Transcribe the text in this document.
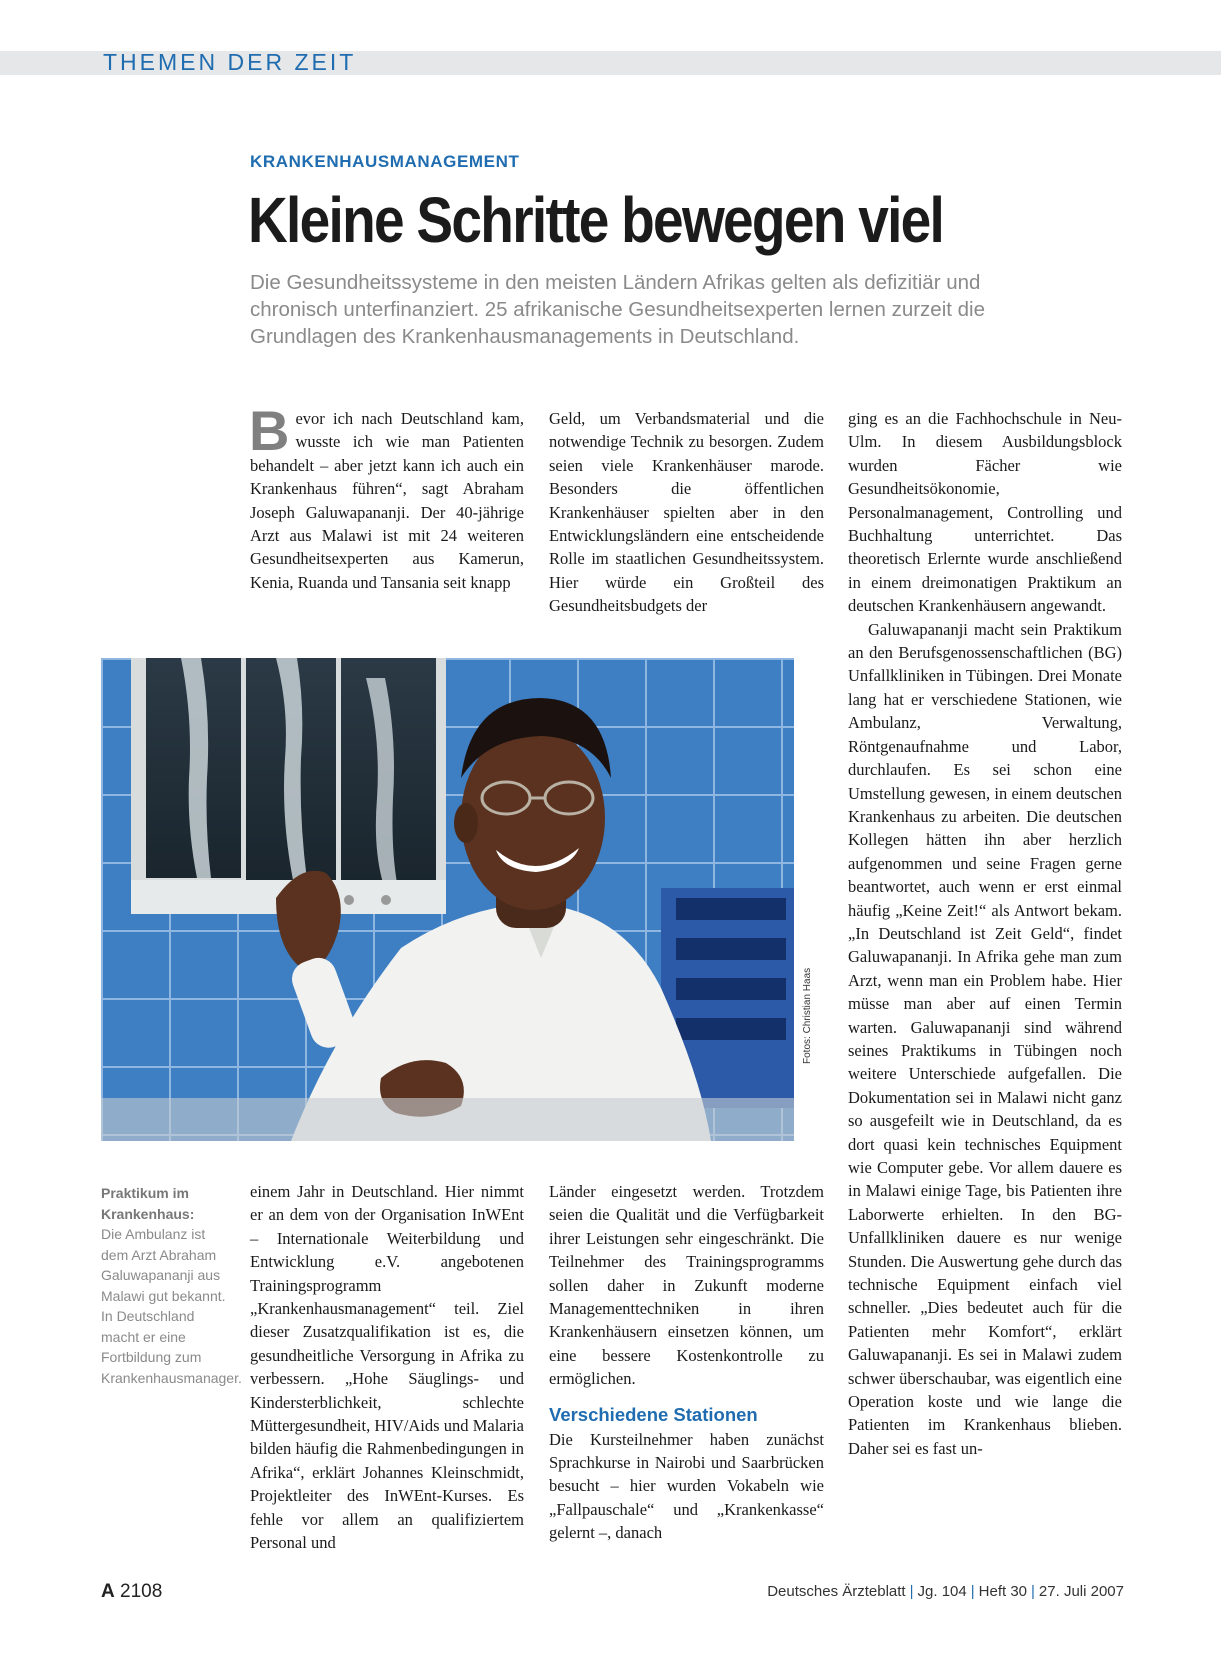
THEMEN DER ZEIT
KRANKENHAUSMANAGEMENT
Kleine Schritte bewegen viel

Die Gesundheitssysteme in den meisten Ländern Afrikas gelten als defizitiär und chronisch unterfinanziert. 25 afrikanische Gesundheitsexperten lernen zurzeit die Grundlagen des Krankenhausmanagements in Deutschland.

Bevor ich nach Deutschland kam, wusste ich wie man Patienten behandelt – aber jetzt kann ich auch ein Krankenhaus führen“, sagt Abraham Joseph Galuwapananji. Der 40-jährige Arzt aus Malawi ist mit 24 weiteren Gesundheitsexperten aus Kamerun, Kenia, Ruanda und Tansania seit knapp

Geld, um Verbandsmaterial und die notwendige Technik zu besorgen. Zudem seien viele Krankenhäuser marode. Besonders die öffentlichen Krankenhäuser spielten aber in den Entwicklungsländern eine entscheidende Rolle im staatlichen Gesundheitssystem. Hier würde ein Großteil des Gesundheitsbudgets der

ging es an die Fachhochschule in Neu-Ulm. In diesem Ausbildungsblock wurden Fächer wie Gesundheitsökonomie, Personalmanagement, Controlling und Buchhaltung unterrichtet. Das theoretisch Erlernte wurde anschließend in einem dreimonatigen Praktikum an deutschen Krankenhäusern angewandt.

Galuwapananji macht sein Praktikum an den Berufsgenossenschaftlichen (BG) Unfallkliniken in Tübingen. Drei Monate lang hat er verschiedene Stationen, wie Ambulanz, Verwaltung, Röntgenaufnahme und Labor, durchlaufen. Es sei schon eine Umstellung gewesen, in einem deutschen Krankenhaus zu arbeiten. Die deutschen Kollegen hätten ihn aber herzlich aufgenommen und seine Fragen gerne beantwortet, auch wenn er erst einmal häufig „Keine Zeit!“ als Antwort bekam. „In Deutschland ist Zeit Geld“, findet Galuwapananji. In Afrika gehe man zum Arzt, wenn man ein Problem habe. Hier müsse man aber auf einen Termin warten. Galuwapananji sind während seines Praktikums in Tübingen noch weitere Unterschiede aufgefallen. Die Dokumentation sei in Malawi nicht ganz so ausgefeilt wie in Deutschland, da es dort quasi kein technisches Equipment wie Computer gebe. Vor allem dauere es in Malawi einige Tage, bis Patienten ihre Laborwerte erhielten. In den BG-Unfallkliniken dauere es nur wenige Stunden. Die Auswertung gehe durch das technische Equipment einfach viel schneller. „Dies bedeutet auch für die Patienten mehr Komfort“, erklärt Galuwapananji. Es sei in Malawi zudem schwer überschaubar, was eigentlich eine Operation koste und wie lange die Patienten im Krankenhaus blieben. Daher sei es fast un-

Fotos: Christian Haas
Praktikum im Krankenhaus:
Die Ambulanz ist dem Arzt Abraham Galuwapananji aus Malawi gut bekannt. In Deutschland macht er eine Fortbildung zum Krankenhausmanager.

einem Jahr in Deutschland. Hier nimmt er an dem von der Organisation InWEnt – Internationale Weiterbildung und Entwicklung e.V. angebotenen Trainingsprogramm „Krankenhausmanagement“ teil. Ziel dieser Zusatzqualifikation ist es, die gesundheitliche Versorgung in Afrika zu verbessern. „Hohe Säuglings- und Kindersterblichkeit, schlechte Müttergesundheit, HIV/Aids und Malaria bilden häufig die Rahmenbedingungen in Afrika“, erklärt Johannes Kleinschmidt, Projektleiter des InWEnt-Kurses. Es fehle vor allem an qualifiziertem Personal und

Länder eingesetzt werden. Trotzdem seien die Qualität und die Verfügbarkeit ihrer Leistungen sehr eingeschränkt. Die Teilnehmer des Trainingsprogramms sollen daher in Zukunft moderne Managementtechniken in ihren Krankenhäusern einsetzen können, um eine bessere Kostenkontrolle zu ermöglichen.

Verschiedene Stationen

Die Kursteilnehmer haben zunächst Sprachkurse in Nairobi und Saarbrücken besucht – hier wurden Vokabeln wie „Fallpauschale“ und „Krankenkasse“ gelernt –, danach

A 2108	Deutsches Ärzteblatt | Jg. 104 | Heft 30 | 27. Juli 2007
